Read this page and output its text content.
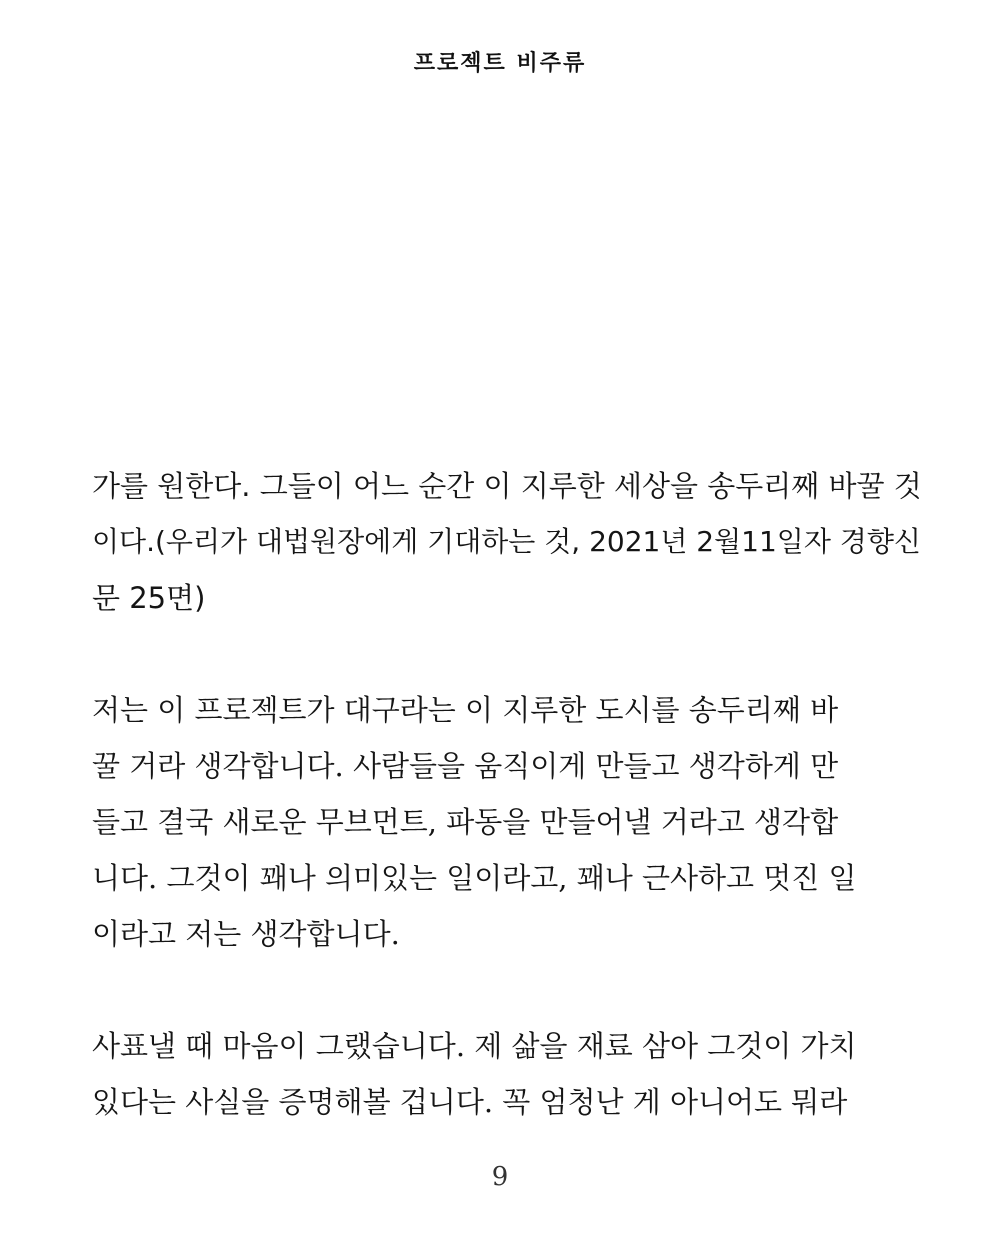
프로젝트 비주류
가를 원한다. 그들이 어느 순간 이 지루한 세상을 송두리째 바꿀 것
이다.(우리가 대법원장에게 기대하는 것, 2021년 2월11일자 경향신
문 25면)
저는 이 프로젝트가 대구라는 이 지루한 도시를 송두리째 바
꿀 거라 생각합니다. 사람들을 움직이게 만들고 생각하게 만
들고 결국 새로운 무브먼트, 파동을 만들어낼 거라고 생각합
니다. 그것이 꽤나 의미있는 일이라고, 꽤나 근사하고 멋진 일
이라고 저는 생각합니다.
사표낼 때 마음이 그랬습니다. 제 삶을 재료 삼아 그것이 가치
있다는 사실을 증명해볼 겁니다. 꼭 엄청난 게 아니어도 뭐라
9
